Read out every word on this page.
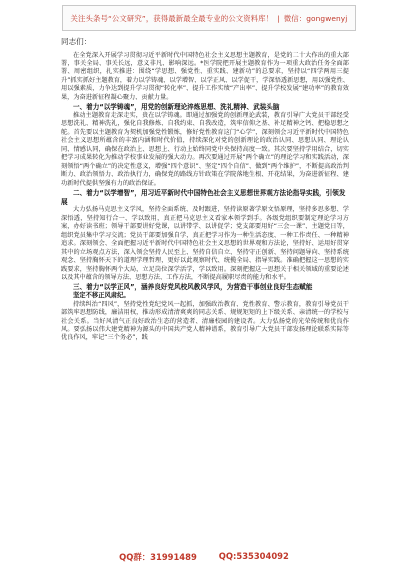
关注头条号“公文研究”，获得最新最全最专业的公文资料库！ | 微信：gongwenyj

同志们：

在全党深入开展学习贯彻习近平新时代中国特色社会主义思想主题教育，是党的二十大作出的重大部署，事关全局、事关长远，意义非凡、影响深远。*医学院把开展主题教育作为一项重大政治任务全面部署、周密组织，扎实推进：围绕“学思想、强党性、重实践、建新功”的总要求，坚持以“四学两用三提升”抓实抓好主题教育，着力以学铸魂、以学增智、以学正风、以学促干，学深悟透新思想，用以强党性、用以强素质，力争达到提升学习贯彻“转化率”、提升工作实绩“产出率”、提升学校发展“建功率”的教育效果，为奋进新征程凝心聚力、贡献力量。

一、着力“以学铸魂”，用党的创新理论淬炼思想、洗礼精神、武装头脑

推动主题教育走深走实，贵在以学铸魂。即通过加强党的创新理论武装，教育引导广大党员干部经受思想洗礼、精神洗礼，强化自我修炼、自我约束、自我改造，筑牢信仰之基、补足精神之钙、把稳思想之舵。首先要以主题教育为契机加强党性锻炼，修好党性教育这门“心学”，深刻领会习近平新时代中国特色社会主义思想所蕴含的丰富内涵和时代价值，持续深化对党的创新理论的政治认同、思想认同、理论认同、情感认同，确保在政治上、思想上、行动上始终同党中央保持高度一致。其次要坚持学用结合，切实把学习成果转化为推动学校事业发展的强大动力。再次要通过开展“两个确立”的理论学习和实践活动，深刻领悟“两个确立”的决定性意义，增强“四个意识”、坚定“四个自信”、做到“两个维护”，不断提高政治判断力、政治领悟力、政治执行力，确保党的路线方针政策在学院落地生根、开花结果，为奋进新征程、建功新时代提供坚强有力的政治保证。

二、着力“以学增智”，用习近平新时代中国特色社会主义思想世界观方法论指导实践，引领发展

大力弘扬马克思主义学风，坚持全面系统、及时跟进，坚持读原著学原文悟原理，坚持多思多想、学深悟透，坚持知行合一、学以致用，真正把马克思主义看家本领学到手。各级党组织要制定理论学习方案，办好读书班；领导干部要讲好党课，以讲带学、以讲促学；党支部要用好“三会一课”、主题党日等，组织党员集中学习交流；党员干部要加强自学，真正把学习作为一种生活态度、一种工作责任、一种精神追求。深刻领会、全面把握习近平新时代中国特色社会主义思想的世界观和方法论，坚持好、运用好贯穿其中的立场观点方法，深入领会坚持人民至上、坚持自信自立、坚持守正创新、坚持问题导向、坚持系统观念、坚持胸怀天下的道理学理哲理，更好以此观察时代、统揽全局、指导实践。准确把握这一思想的实践要求，坚持胸怀两个大局，立足岗位深学活学，学以致用。深刻把握这一思想关于相关领域的重要论述以及其中蕴含的领导方法、思想方法、工作方法，不断提高履职尽责的能力和水平。

三、着力“以学正风”，涵养良好党风校风教风学风，为营造干事创业良好生态赋能

坚定不移正风肃纪。

持续纠治“四风”，坚持党性党纪党风一起抓，加强政治教育、党性教育、警示教育，教育引导党员干部筑牢思想防线，廉洁用权，推动形成清清爽爽的同志关系、规规矩矩的上下级关系、亲清统一的学校与社会关系。当好风清气正良好政治生态的营造者、清廉校园的建设者。大力弘扬党的光荣传统和优良作风。要弘扬以伟大建党精神为源头的中国共产党人精神谱系，教育引导广大党员干部发扬理论联系实际等优良作风，牢记“三个务必”，践

QQ群：31991489	QQ:535304092
